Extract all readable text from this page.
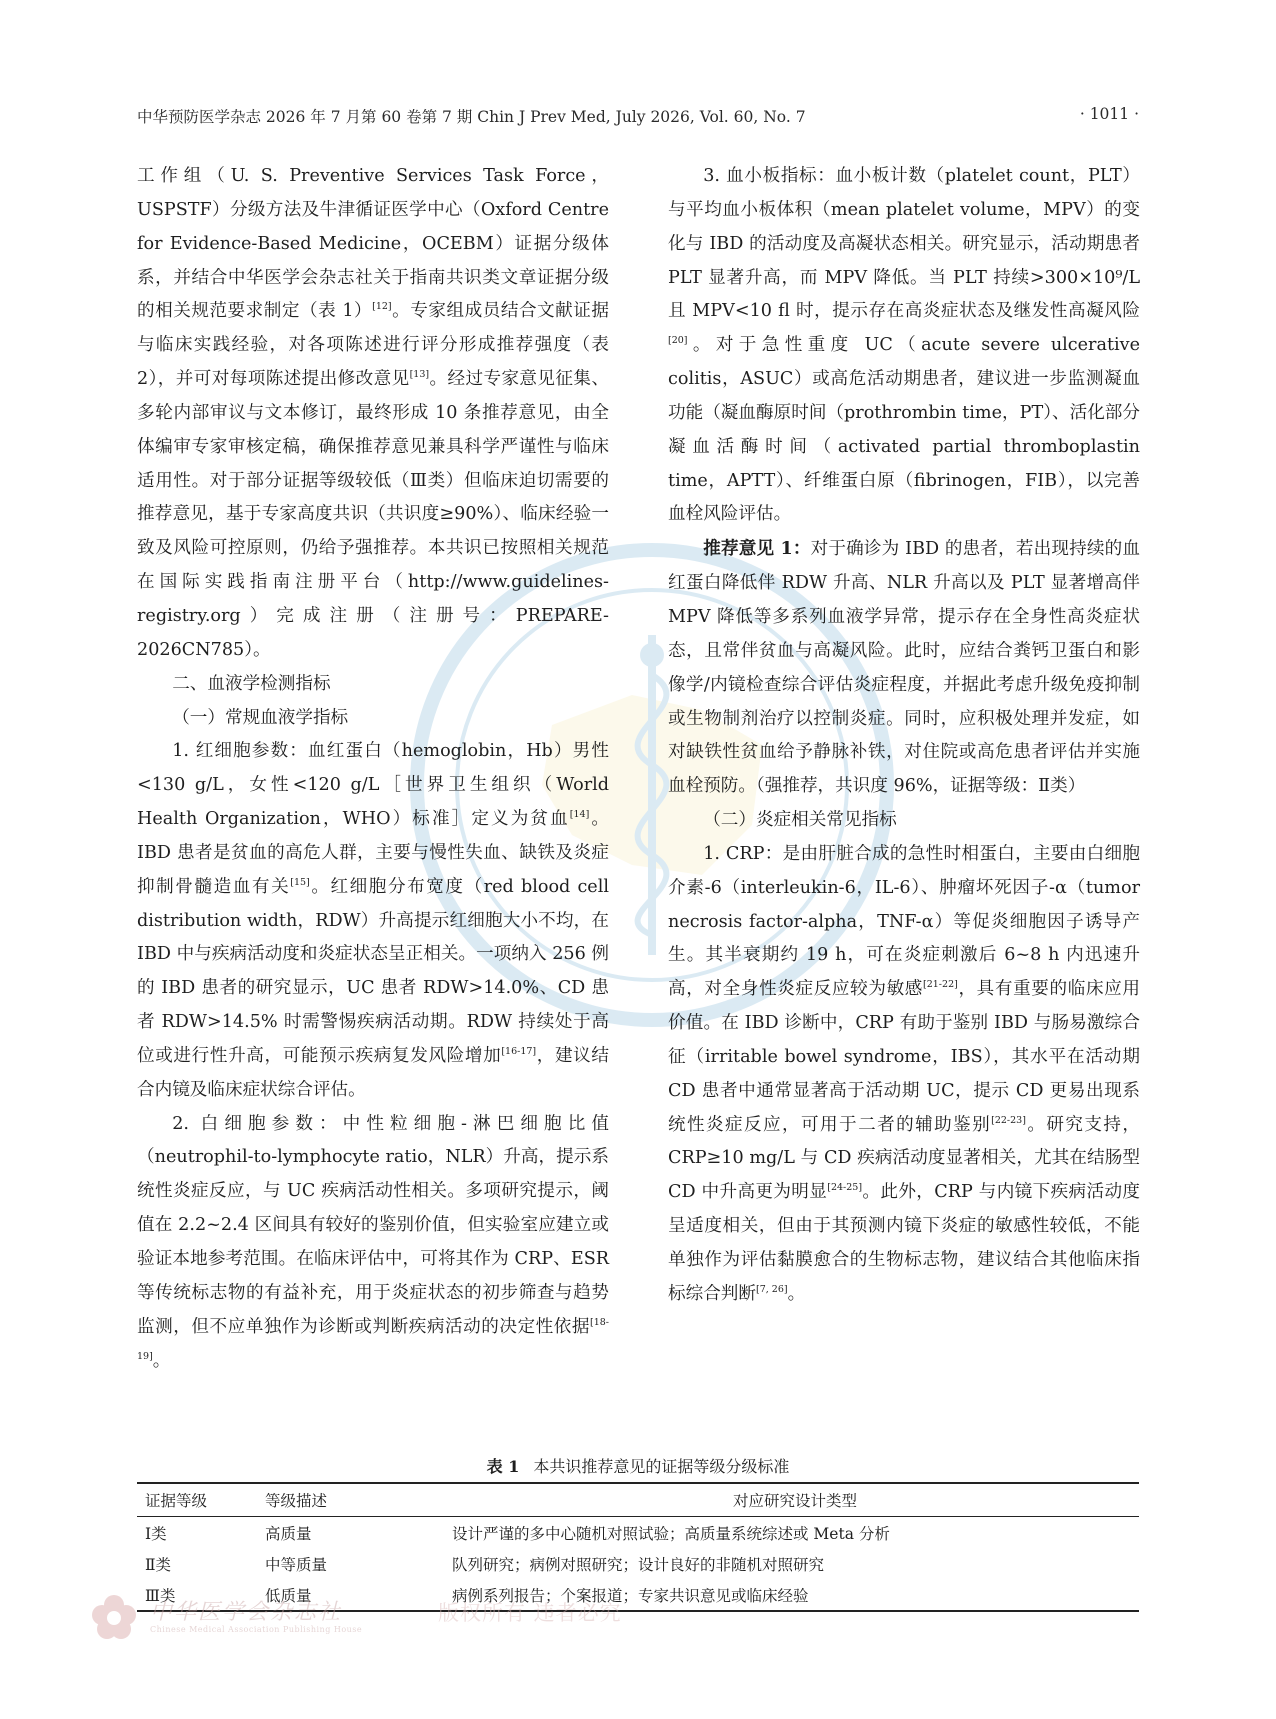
中华预防医学杂志 2026 年 7 月第 60 卷第 7 期 Chin J Prev Med, July 2026, Vol. 60, No. 7	· 1011 ·

工作组（U. S. Preventive Services Task Force，USPSTF）分级方法及牛津循证医学中心（Oxford Centre for Evidence-Based Medicine，OCEBM）证据分级体系，并结合中华医学会杂志社关于指南共识类文章证据分级的相关规范要求制定（表 1）[12]。专家组成员结合文献证据与临床实践经验，对各项陈述进行评分形成推荐强度（表 2），并可对每项陈述提出修改意见[13]。经过专家意见征集、多轮内部审议与文本修订，最终形成 10 条推荐意见，由全体编审专家审核定稿，确保推荐意见兼具科学严谨性与临床适用性。对于部分证据等级较低（Ⅲ类）但临床迫切需要的推荐意见，基于专家高度共识（共识度≥90%）、临床经验一致及风险可控原则，仍给予强推荐。本共识已按照相关规范在国际实践指南注册平台（http://www.guidelines-registry.org）完成注册（注册号：PREPARE-2026CN785）。

二、血液学检测指标

（一）常规血液学指标

1. 红细胞参数：血红蛋白（hemoglobin，Hb）男性<130 g/L，女性<120 g/L［世界卫生组织（World Health Organization，WHO）标准］定义为贫血[14]。IBD 患者是贫血的高危人群，主要与慢性失血、缺铁及炎症抑制骨髓造血有关[15]。红细胞分布宽度（red blood cell distribution width，RDW）升高提示红细胞大小不均，在 IBD 中与疾病活动度和炎症状态呈正相关。一项纳入 256 例的 IBD 患者的研究显示，UC 患者 RDW>14.0%、CD 患者 RDW>14.5% 时需警惕疾病活动期。RDW 持续处于高位或进行性升高，可能预示疾病复发风险增加[16-17]，建议结合内镜及临床症状综合评估。

2. 白细胞参数：中性粒细胞-淋巴细胞比值（neutrophil-to-lymphocyte ratio，NLR）升高，提示系统性炎症反应，与 UC 疾病活动性相关。多项研究提示，阈值在 2.2~2.4 区间具有较好的鉴别价值，但实验室应建立或验证本地参考范围。在临床评估中，可将其作为 CRP、ESR 等传统标志物的有益补充，用于炎症状态的初步筛查与趋势监测，但不应单独作为诊断或判断疾病活动的决定性依据[18-19]。

3. 血小板指标：血小板计数（platelet count，PLT）与平均血小板体积（mean platelet volume，MPV）的变化与 IBD 的活动度及高凝状态相关。研究显示，活动期患者 PLT 显著升高，而 MPV 降低。当 PLT 持续>300×10⁹/L 且 MPV<10 fl 时，提示存在高炎症状态及继发性高凝风险[20]。对于急性重度 UC（acute severe ulcerative colitis，ASUC）或高危活动期患者，建议进一步监测凝血功能（凝血酶原时间（prothrombin time，PT）、活化部分凝血活酶时间（activated partial thromboplastin time，APTT）、纤维蛋白原（fibrinogen，FIB），以完善血栓风险评估。

推荐意见 1：对于确诊为 IBD 的患者，若出现持续的血红蛋白降低伴 RDW 升高、NLR 升高以及 PLT 显著增高伴 MPV 降低等多系列血液学异常，提示存在全身性高炎症状态，且常伴贫血与高凝风险。此时，应结合粪钙卫蛋白和影像学/内镜检查综合评估炎症程度，并据此考虑升级免疫抑制或生物制剂治疗以控制炎症。同时，应积极处理并发症，如对缺铁性贫血给予静脉补铁，对住院或高危患者评估并实施血栓预防。（强推荐，共识度 96%，证据等级：Ⅱ类）

（二）炎症相关常见指标

1. CRP：是由肝脏合成的急性时相蛋白，主要由白细胞介素-6（interleukin-6，IL-6）、肿瘤坏死因子-α（tumor necrosis factor-alpha，TNF-α）等促炎细胞因子诱导产生。其半衰期约 19 h，可在炎症刺激后 6~8 h 内迅速升高，对全身性炎症反应较为敏感[21-22]，具有重要的临床应用价值。在 IBD 诊断中，CRP 有助于鉴别 IBD 与肠易激综合征（irritable bowel syndrome，IBS），其水平在活动期 CD 患者中通常显著高于活动期 UC，提示 CD 更易出现系统性炎症反应，可用于二者的辅助鉴别[22-23]。研究支持，CRP≥10 mg/L 与 CD 疾病活动度显著相关，尤其在结肠型 CD 中升高更为明显[24-25]。此外，CRP 与内镜下疾病活动度呈适度相关，但由于其预测内镜下炎症的敏感性较低，不能单独作为评估黏膜愈合的生物标志物，建议结合其他临床指标综合判断[7, 26]。

表 1 本共识推荐意见的证据等级分级标准
证据等级	等级描述	对应研究设计类型
Ⅰ类	高质量	设计严谨的多中心随机对照试验；高质量系统综述或 Meta 分析
Ⅱ类	中等质量	队列研究；病例对照研究；设计良好的非随机对照研究
Ⅲ类	低质量	病例系列报告；个案报道；专家共识意见或临床经验
中华医学会杂志社
Chinese Medical Association Publishing House
版权所有 违者必究
